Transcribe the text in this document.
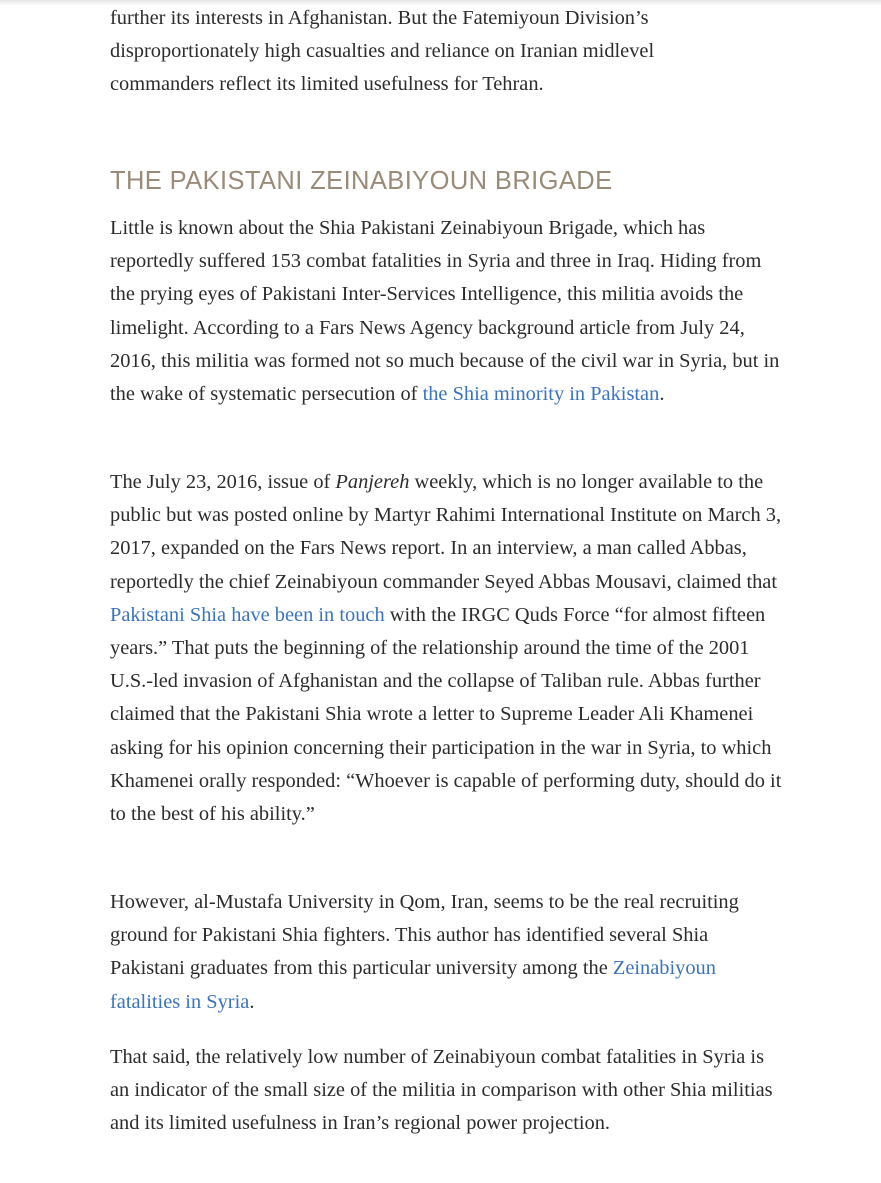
further its interests in Afghanistan. But the Fatemiyoun Division’s disproportionately high casualties and reliance on Iranian midlevel commanders reflect its limited usefulness for Tehran.

THE PAKISTANI ZEINABIYOUN BRIGADE

Little is known about the Shia Pakistani Zeinabiyoun Brigade, which has reportedly suffered 153 combat fatalities in Syria and three in Iraq. Hiding from the prying eyes of Pakistani Inter-Services Intelligence, this militia avoids the limelight. According to a Fars News Agency background article from July 24, 2016, this militia was formed not so much because of the civil war in Syria, but in the wake of systematic persecution of the Shia minority in Pakistan.

The July 23, 2016, issue of Panjereh weekly, which is no longer available to the public but was posted online by Martyr Rahimi International Institute on March 3, 2017, expanded on the Fars News report. In an interview, a man called Abbas, reportedly the chief Zeinabiyoun commander Seyed Abbas Mousavi, claimed that Pakistani Shia have been in touch with the IRGC Quds Force “for almost fifteen years.” That puts the beginning of the relationship around the time of the 2001 U.S.-led invasion of Afghanistan and the collapse of Taliban rule. Abbas further claimed that the Pakistani Shia wrote a letter to Supreme Leader Ali Khamenei asking for his opinion concerning their participation in the war in Syria, to which Khamenei orally responded: “Whoever is capable of performing duty, should do it to the best of his ability.”

However, al-Mustafa University in Qom, Iran, seems to be the real recruiting ground for Pakistani Shia fighters. This author has identified several Shia Pakistani graduates from this particular university among the Zeinabiyoun fatalities in Syria.

That said, the relatively low number of Zeinabiyoun combat fatalities in Syria is an indicator of the small size of the militia in comparison with other Shia militias and its limited usefulness in Iran’s regional power projection.
